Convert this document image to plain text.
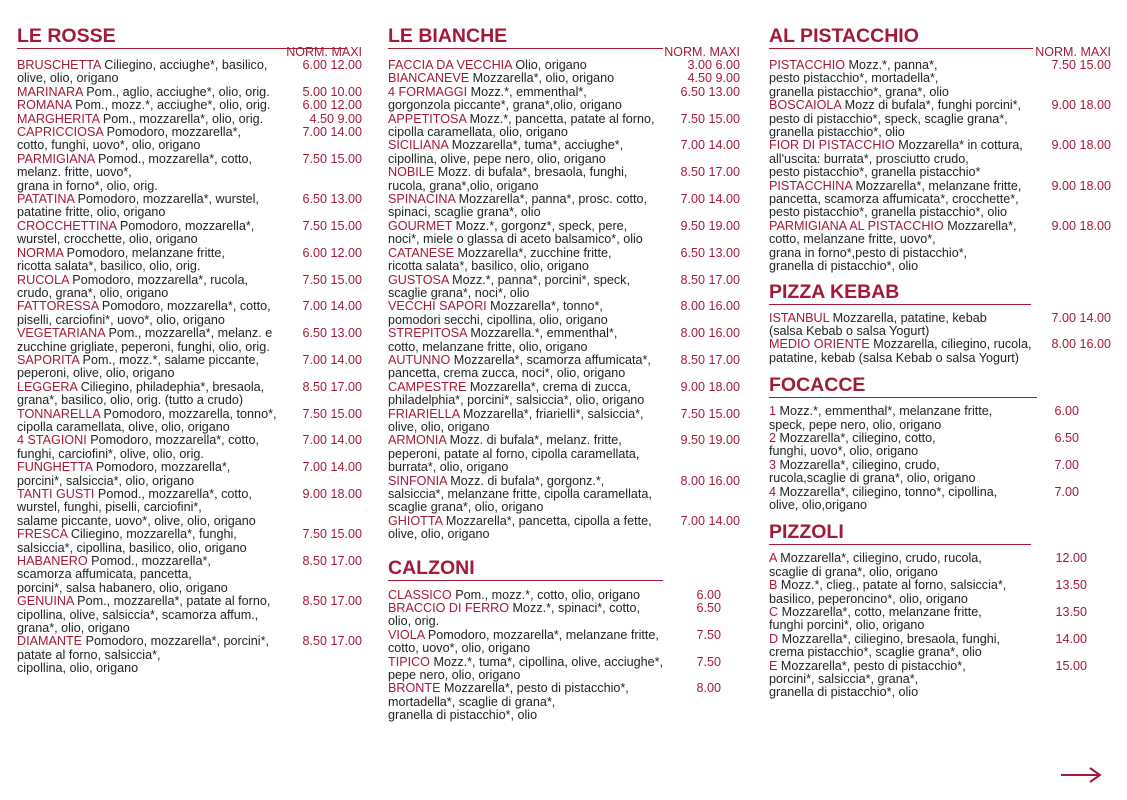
LE ROSSE
NORM. MAXI
BRUSCHETTA Ciliegino, acciughe*, basilico,	6.00 12.00
olive, olio, origano
MARINARA Pom., aglio, acciughe*, olio, orig.	5.00 10.00
ROMANA Pom., mozz.*, acciughe*, olio, orig.	6.00 12.00
MARGHERITA Pom., mozzarella*, olio, orig.	4.50 9.00
CAPRICCIOSA Pomodoro, mozzarella*,	7.00 14.00
cotto, funghi, uovo*, olio, origano
PARMIGIANA Pomod., mozzarella*, cotto,	7.50 15.00
melanz. fritte, uovo*,
grana in forno*, olio, orig.
PATATINA Pomodoro, mozzarella*, wurstel,	6.50 13.00
patatine fritte, olio, origano
CROCCHETTINA Pomodoro, mozzarella*,	7.50 15.00
wurstel, crocchette, olio, origano
NORMA Pomodoro, melanzane fritte,	6.00 12.00
ricotta salata*, basilico, olio, orig.
RUCOLA Pomodoro, mozzarella*, rucola,	7.50 15.00
crudo, grana*, olio, origano
FATTORESSA Pomodoro, mozzarella*, cotto,	7.00 14.00
piselli, carciofini*, uovo*, olio, origano
VEGETARIANA Pom., mozzarella*, melanz. e	6.50 13.00
zucchine grigliate, peperoni, funghi, olio, orig.
SAPORITA Pom., mozz.*, salame piccante,	7.00 14.00
peperoni, olive, olio, origano
LEGGERA Ciliegino, philadephia*, bresaola,	8.50 17.00
grana*, basilico, olio, orig. (tutto a crudo)
TONNARELLA Pomodoro, mozzarella, tonno*,	7.50 15.00
cipolla caramellata, olive, olio, origano
4 STAGIONI Pomodoro, mozzarella*, cotto,	7.00 14.00
funghi, carciofini*, olive, olio, orig.
FUNGHETTA Pomodoro, mozzarella*,	7.00 14.00
porcini*, salsiccia*, olio, origano
TANTI GUSTI Pomod., mozzarella*, cotto,	9.00 18.00
wurstel, funghi, piselli, carciofini*,
salame piccante, uovo*, olive, olio, origano
FRESCA Ciliegino, mozzarella*, funghi,	7.50 15.00
salsiccia*, cipollina, basilico, olio, origano
HABANERO Pomod., mozzarella*,	8.50 17.00
scamorza affumicata, pancetta,
porcini*, salsa habanero, olio, origano
GENUINA Pom., mozzarella*, patate al forno,	8.50 17.00
cipollina, olive, salsiccia*, scamorza affum.,
grana*, olio, origano
DIAMANTE Pomodoro, mozzarella*, porcini*,	8.50 17.00
patate al forno, salsiccia*,
cipollina, olio, origano
LE BIANCHE
NORM. MAXI
FACCIA DA VECCHIA Olio, origano	3.00 6.00
BIANCANEVE Mozzarella*, olio, origano	4.50 9.00
4 FORMAGGI Mozz.*, emmenthal*,	6.50 13.00
gorgonzola piccante*, grana*,olio, origano
APPETITOSA Mozz.*, pancetta, patate al forno,	7.50 15.00
cipolla caramellata, olio, origano
SICILIANA Mozzarella*, tuma*, acciughe*,	7.00 14.00
cipollina, olive, pepe nero, olio, origano
NOBILE Mozz. di bufala*, bresaola, funghi,	8.50 17.00
rucola, grana*,olio, origano
SPINACINA Mozzarella*, panna*, prosc. cotto,	7.00 14.00
spinaci, scaglie grana*, olio
GOURMET Mozz.*, gorgonz*, speck, pere,	9.50 19.00
noci*, miele o glassa di aceto balsamico*, olio
CATANESE Mozzarella*, zucchine fritte,	6.50 13.00
ricotta salata*, basilico, olio, origano
GUSTOSA Mozz.*, panna*, porcini*, speck,	8.50 17.00
scaglie grana*, noci*, olio
VECCHI SAPORI Mozzarella*, tonno*,	8.00 16.00
pomodori secchi, cipollina, olio, origano
STREPITOSA Mozzarella.*, emmenthal*,	8.00 16.00
cotto, melanzane fritte, olio, origano
AUTUNNO Mozzarella*, scamorza affumicata*,	8.50 17.00
pancetta, crema zucca, noci*, olio, origano
CAMPESTRE Mozzarella*, crema di zucca,	9.00 18.00
philadelphia*, porcini*, salsiccia*, olio, origano
FRIARIELLA Mozzarella*, friarielli*, salsiccia*,	7.50 15.00
olive, olio, origano
ARMONIA Mozz. di bufala*, melanz. fritte,	9.50 19.00
peperoni, patate al forno, cipolla caramellata,
burrata*, olio, origano
SINFONIA Mozz. di bufala*, gorgonz.*,	8.00 16.00
salsiccia*, melanzane fritte, cipolla caramellata,
scaglie grana*, olio, origano
GHIOTTA Mozzarella*, pancetta, cipolla a fette,	7.00 14.00
olive, olio, origano
CALZONI
CLASSICO Pom., mozz.*, cotto, olio, origano	6.00
BRACCIO DI FERRO Mozz.*, spinaci*, cotto,	6.50
olio, orig.
VIOLA Pomodoro, mozzarella*, melanzane fritte,	7.50
cotto, uovo*, olio, origano
TIPICO Mozz.*, tuma*, cipollina, olive, acciughe*,	7.50
pepe nero, olio, origano
BRONTE Mozzarella*, pesto di pistacchio*,	8.00
mortadella*, scaglie di grana*,
granella di pistacchio*, olio
AL PISTACCHIO
NORM. MAXI
PISTACCHIO Mozz.*, panna*,	7.50 15.00
pesto pistacchio*, mortadella*,
granella pistacchio*, grana*, olio
BOSCAIOLA Mozz di bufala*, funghi porcini*,	9.00 18.00
pesto di pistacchio*, speck, scaglie grana*,
granella pistacchio*, olio
FIOR DI PISTACCHIO Mozzarella* in cottura,	9.00 18.00
all'uscita: burrata*, prosciutto crudo,
pesto pistacchio*, granella pistacchio*
PISTACCHINA Mozzarella*, melanzane fritte,	9.00 18.00
pancetta, scamorza affumicata*, crocchette*,
pesto pistacchio*, granella pistacchio*, olio
PARMIGIANA AL PISTACCHIO Mozzarella*,	9.00 18.00
cotto, melanzane fritte, uovo*,
grana in forno*,pesto di pistacchio*,
granella di pistacchio*, olio
PIZZA KEBAB
ISTANBUL Mozzarella, patatine, kebab	7.00 14.00
(salsa Kebab o salsa Yogurt)
MEDIO ORIENTE Mozzarella, ciliegino, rucola,	8.00 16.00
patatine, kebab (salsa Kebab o salsa Yogurt)
FOCACCE
1 Mozz.*, emmenthal*, melanzane fritte,	6.00
speck, pepe nero, olio, origano
2 Mozzarella*, ciliegino, cotto,	6.50
funghi, uovo*, olio, origano
3 Mozzarella*, ciliegino, crudo,	7.00
rucola,scaglie di grana*, olio, origano
4 Mozzarella*, ciliegino, tonno*, cipollina,	7.00
olive, olio,origano
PIZZOLI
A Mozzarella*, ciliegino, crudo, rucola,	12.00
scaglie di grana*, olio, origano
B Mozz.*, clieg., patate al forno, salsiccia*,	13.50
basilico, peperoncino*, olio, origano
C Mozzarella*, cotto, melanzane fritte,	13.50
funghi porcini*, olio, origano
D Mozzarella*, ciliegino, bresaola, funghi,	14.00
crema pistacchio*, scaglie grana*, olio
E Mozzarella*, pesto di pistacchio*,	15.00
porcini*, salsiccia*, grana*,
granella di pistacchio*, olio
